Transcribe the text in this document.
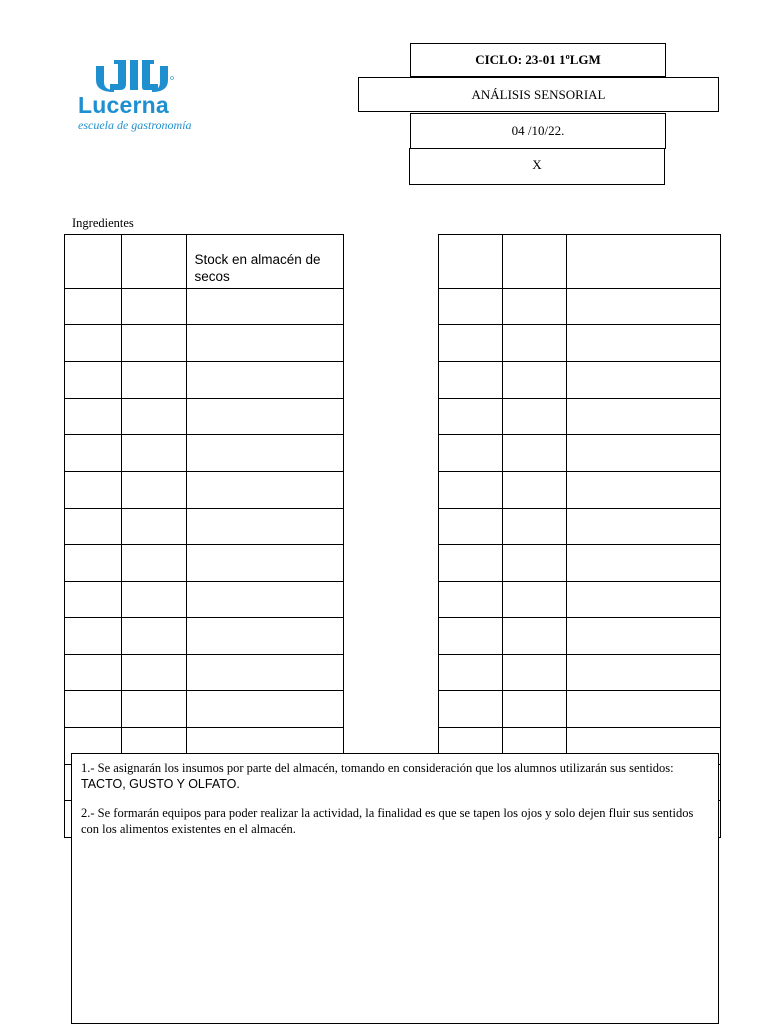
Lucerna
escuela de gastronomía
CICLO: 23-01 1ºLGM
ANÁLISIS SENSORIAL
04 /10/22.
X
Ingredientes

		Stock en almacén de secos

1.- Se asignarán los insumos por parte del almacén, tomando en consideración que los alumnos utilizarán sus sentidos: TACTO, GUSTO Y OLFATO.

2.- Se formarán equipos para poder realizar la actividad, la finalidad es que se tapen los ojos y solo dejen fluir sus sentidos con los alimentos existentes en el almacén.
